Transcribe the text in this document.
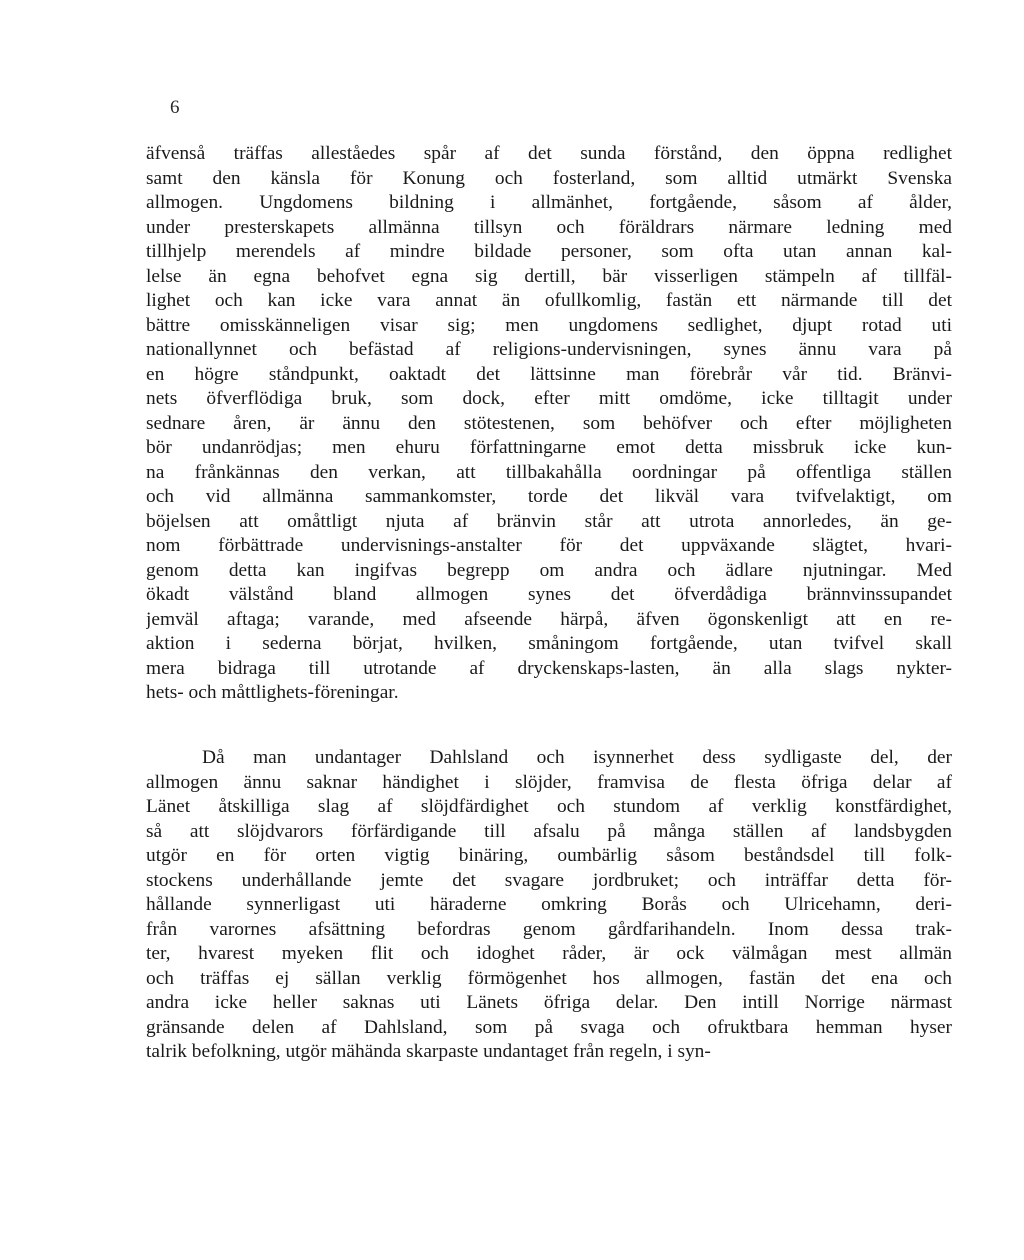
6
äfvenså träffas alleståedes spår af det sunda förstånd, den öppna redlighet
samt den känsla för Konung och fosterland, som alltid utmärkt Svenska
allmogen. Ungdomens bildning i allmänhet, fortgående, såsom af ålder,
under presterskapets allmänna tillsyn och föräldrars närmare ledning med
tillhjelp merendels af mindre bildade personer, som ofta utan annan kal-
lelse än egna behofvet egna sig dertill, bär visserligen stämpeln af tillfäl-
lighet och kan icke vara annat än ofullkomlig, fastän ett närmande till det
bättre omisskänneligen visar sig; men ungdomens sedlighet, djupt rotad uti
nationallynnet och befästad af religions-undervisningen, synes ännu vara på
en högre ståndpunkt, oaktadt det lättsinne man förebrår vår tid. Bränvi-
nets öfverflödiga bruk, som dock, efter mitt omdöme, icke tilltagit under
sednare åren, är ännu den stötestenen, som behöfver och efter möjligheten
bör undanrödjas; men ehuru författningarne emot detta missbruk icke kun-
na frånkännas den verkan, att tillbakahålla oordningar på offentliga ställen
och vid allmänna sammankomster, torde det likväl vara tvifvelaktigt, om
böjelsen att omåttligt njuta af bränvin står att utrota annorledes, än ge-
nom förbättrade undervisnings-anstalter för det uppväxande slägtet, hvari-
genom detta kan ingifvas begrepp om andra och ädlare njutningar. Med
ökadt välstånd bland allmogen synes det öfverdådiga brännvinssupandet
jemväl aftaga; varande, med afseende härpå, äfven ögonskenligt att en re-
aktion i sederna börjat, hvilken, småningom fortgående, utan tvifvel skall
mera bidraga till utrotande af dryckenskaps-lasten, än alla slags nykter-
hets- och måttlighets-föreningar.
Då man undantager Dahlsland och isynnerhet dess sydligaste del, der
allmogen ännu saknar händighet i slöjder, framvisa de flesta öfriga delar af
Länet åtskilliga slag af slöjdfärdighet och stundom af verklig konstfärdighet,
så att slöjdvarors förfärdigande till afsalu på många ställen af landsbygden
utgör en för orten vigtig binäring, oumbärlig såsom beståndsdel till folk-
stockens underhållande jemte det svagare jordbruket; och inträffar detta för-
hållande synnerligast uti häraderne omkring Borås och Ulricehamn, deri-
från varornes afsättning befordras genom gårdfarihandeln. Inom dessa trak-
ter, hvarest myeken flit och idoghet råder, är ock välmågan mest allmän
och träffas ej sällan verklig förmögenhet hos allmogen, fastän det ena och
andra icke heller saknas uti Länets öfriga delar. Den intill Norrige närmast
gränsande delen af Dahlsland, som på svaga och ofruktbara hemman hyser
talrik befolkning, utgör mähända skarpaste undantaget från regeln, i syn-
